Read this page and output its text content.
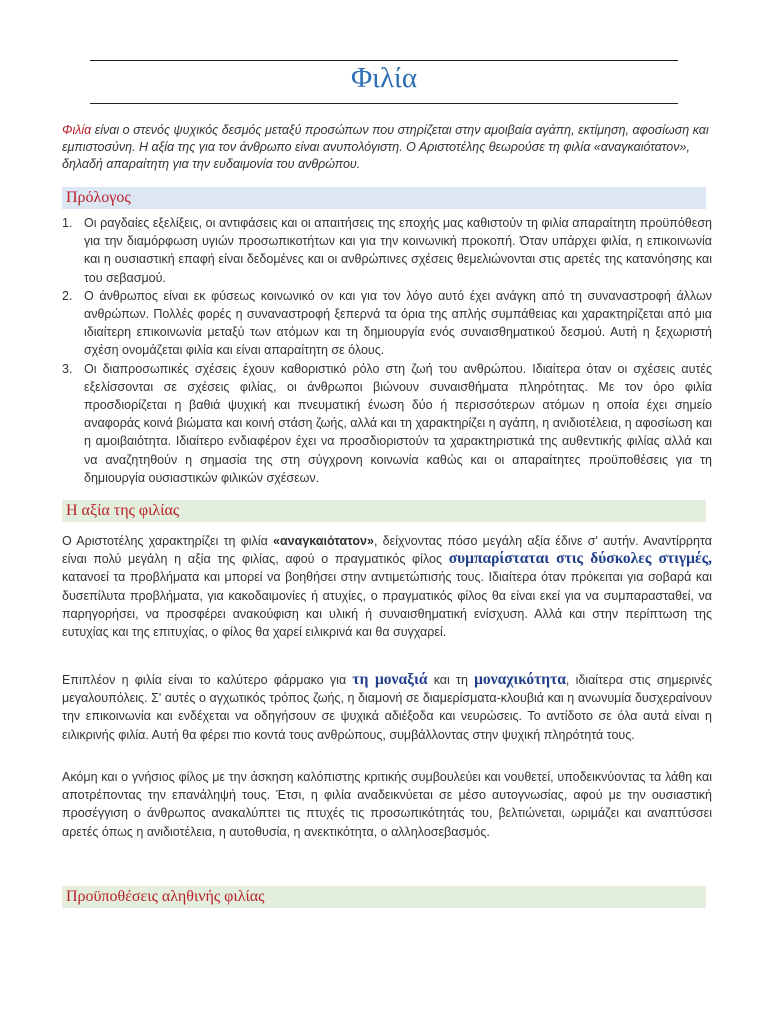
Φιλία
Φιλία είναι ο στενός ψυχικός δεσμός μεταξύ προσώπων που στηρίζεται στην αμοιβαία αγάπη, εκτίμηση, αφοσίωση και εμπιστοσύνη. Η αξία της για τον άνθρωπο είναι ανυπολόγιστη. Ο Αριστοτέλης θεωρούσε τη φιλία «αναγκαιότατον», δηλαδή απαραίτητη για την ευδαιμονία του ανθρώπου.
Πρόλογος
1. Οι ραγδαίες εξελίξεις, οι αντιφάσεις και οι απαιτήσεις της εποχής μας καθιστούν τη φιλία απαραίτητη προϋπόθεση για την διαμόρφωση υγιών προσωπικοτήτων και για την κοινωνική προκοπή. Όταν υπάρχει φιλία, η επικοινωνία και η ουσιαστική επαφή είναι δεδομένες και οι ανθρώπινες σχέσεις θεμελιώνονται στις αρετές της κατανόησης και του σεβασμού.
2. Ο άνθρωπος είναι εκ φύσεως κοινωνικό ον και για τον λόγο αυτό έχει ανάγκη από τη συναναστροφή άλλων ανθρώπων. Πολλές φορές η συναναστροφή ξεπερνά τα όρια της απλής συμπάθειας και χαρακτηρίζεται από μια ιδιαίτερη επικοινωνία μεταξύ των ατόμων και τη δημιουργία ενός συναισθηματικού δεσμού. Αυτή η ξεχωριστή σχέση ονομάζεται φιλία και είναι απαραίτητη σε όλους.
3. Οι διαπροσωπικές σχέσεις έχουν καθοριστικό ρόλο στη ζωή του ανθρώπου. Ιδιαίτερα όταν οι σχέσεις αυτές εξελίσσονται σε σχέσεις φιλίας, οι άνθρωποι βιώνουν συναισθήματα πληρότητας. Με τον όρο φιλία προσδιορίζεται η βαθιά ψυχική και πνευματική ένωση δύο ή περισσότερων ατόμων η οποία έχει σημείο αναφοράς κοινά βιώματα και κοινή στάση ζωής, αλλά και τη χαρακτηρίζει η αγάπη, η ανιδιοτέλεια, η αφοσίωση και η αμοιβαιότητα. Ιδιαίτερο ενδιαφέρον έχει να προσδιοριστούν τα χαρακτηριστικά της αυθεντικής φιλίας αλλά και να αναζητηθούν η σημασία της στη σύγχρονη κοινωνία καθώς και οι απαραίτητες προϋποθέσεις για τη δημιουργία ουσιαστικών φιλικών σχέσεων.
Η αξία της φιλίας
Ο Αριστοτέλης χαρακτηρίζει τη φιλία «αναγκαιότατον», δείχνοντας πόσο μεγάλη αξία έδινε σ' αυτήν. Αναντίρρητα είναι πολύ μεγάλη η αξία της φιλίας, αφού ο πραγματικός φίλος συμπαρίσταται στις δύσκολες στιγμές, κατανοεί τα προβλήματα και μπορεί να βοηθήσει στην αντιμετώπισής τους. Ιδιαίτερα όταν πρόκειται για σοβαρά και δυσεπίλυτα προβλήματα, για κακοδαιμονίες ή ατυχίες, ο πραγματικός φίλος θα είναι εκεί για να συμπαρασταθεί, να παρηγορήσει, να προσφέρει ανακούφιση και υλική ή συναισθηματική ενίσχυση. Αλλά και στην περίπτωση της ευτυχίας και της επιτυχίας, ο φίλος θα χαρεί ειλικρινά και θα συγχαρεί.
Επιπλέον η φιλία είναι το καλύτερο φάρμακο για τη μοναξιά και τη μοναχικότητα, ιδιαίτερα στις σημερινές μεγαλουπόλεις. Σ' αυτές ο αγχωτικός τρόπος ζωής, η διαμονή σε διαμερίσματα-κλουβιά και η ανωνυμία δυσχεραίνουν την επικοινωνία και ενδέχεται να οδηγήσουν σε ψυχικά αδιέξοδα και νευρώσεις. Το αντίδοτο σε όλα αυτά είναι η ειλικρινής φιλία. Αυτή θα φέρει πιο κοντά τους ανθρώπους, συμβάλλοντας στην ψυχική πληρότητά τους.
Ακόμη και ο γνήσιος φίλος με την άσκηση καλόπιστης κριτικής συμβουλεύει και νουθετεί, υποδεικνύοντας τα λάθη και αποτρέποντας την επανάληψή τους. Έτσι, η φιλία αναδεικνύεται σε μέσο αυτογνωσίας, αφού με την ουσιαστική προσέγγιση ο άνθρωπος ανακαλύπτει τις πτυχές τις προσωπικότητάς του, βελτιώνεται, ωριμάζει και αναπτύσσει αρετές όπως η ανιδιοτέλεια, η αυτοθυσία, η ανεκτικότητα, ο αλληλοσεβασμός.
Προϋποθέσεις αληθινής φιλίας
